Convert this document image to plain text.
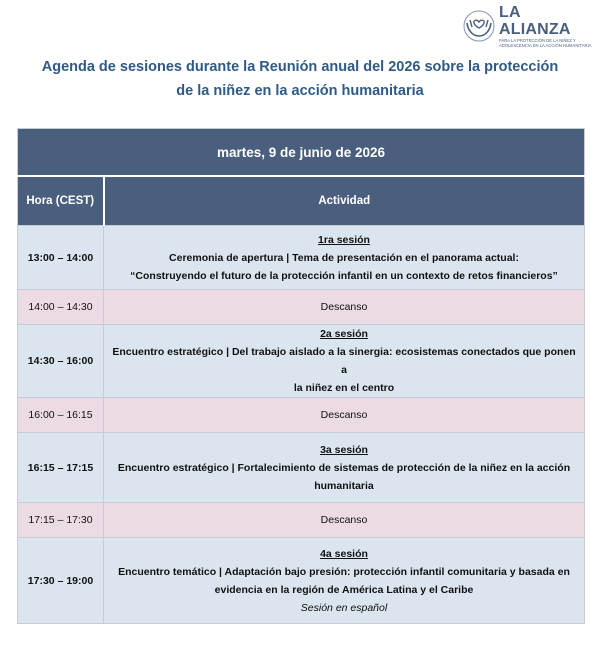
LA ALIANZA
PARA LA PROTECCIÓN DE LA NIÑEZ Y
ADOLESCENCIA EN LA ACCIÓN HUMANITARIA
Agenda de sesiones durante la Reunión anual del 2026 sobre la protección
de la niñez en la acción humanitaria
martes, 9 de junio de 2026	
Hora (CEST)	Actividad
13:00 – 14:00	1ra sesión
Ceremonia de apertura | Tema de presentación en el panorama actual:
“Construyendo el futuro de la protección infantil en un contexto de retos financieros”

14:00 – 14:30	Descanso
14:30 – 16:00	2a sesión
Encuentro estratégico | Del trabajo aislado a la sinergia: ecosistemas conectados que ponen a
la niñez en el centro

16:00 – 16:15	Descanso
16:15 – 17:15	3a sesión
Encuentro estratégico | Fortalecimiento de sistemas de protección de la niñez en la acción
humanitaria

17:15 – 17:30	Descanso
17:30 – 19:00	4a sesión
Encuentro temático | Adaptación bajo presión: protección infantil comunitaria y basada en
evidencia en la región de América Latina y el Caribe
Sesión en español
